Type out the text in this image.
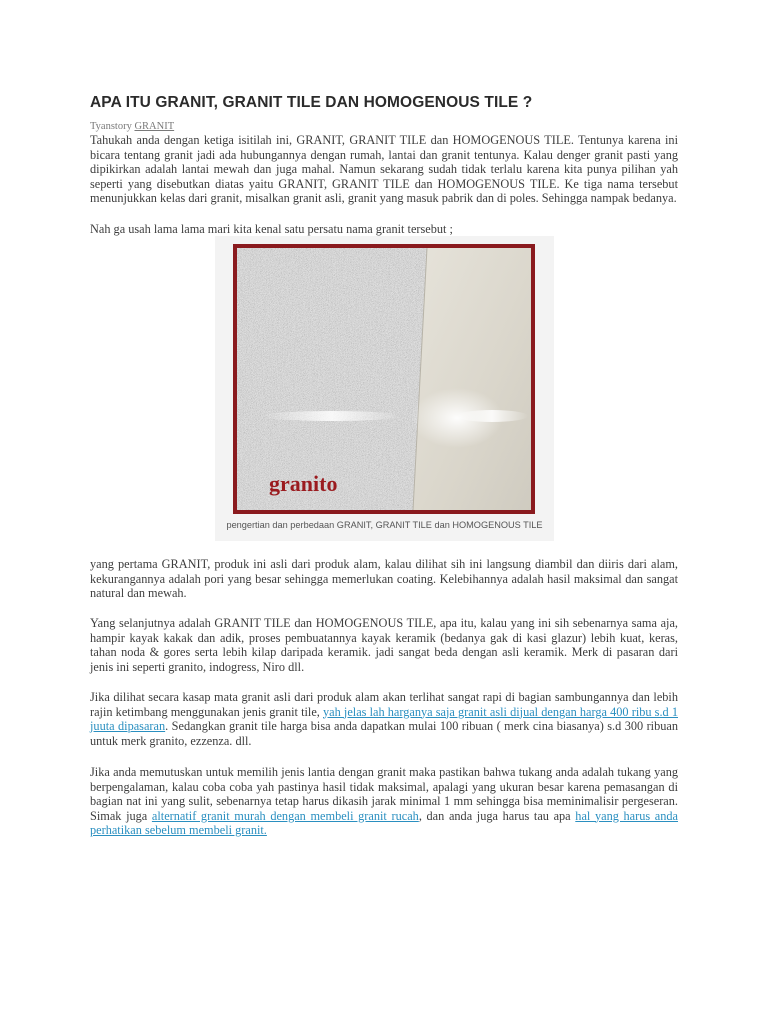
APA ITU GRANIT, GRANIT TILE DAN HOMOGENOUS TILE ?
Tyanstory GRANIT

Tahukah anda dengan ketiga isitilah ini, GRANIT, GRANIT TILE dan HOMOGENOUS TILE. Tentunya karena ini bicara tentang granit jadi ada hubungannya dengan rumah, lantai dan granit tentunya. Kalau denger granit pasti yang dipikirkan adalah lantai mewah dan juga mahal. Namun sekarang sudah tidak terlalu karena kita punya pilihan yah seperti yang disebutkan diatas yaitu GRANIT, GRANIT TILE dan HOMOGENOUS TILE. Ke tiga nama tersebut menunjukkan kelas dari granit, misalkan granit asli, granit yang masuk pabrik dan di poles. Sehingga nampak bedanya.

Nah ga usah lama lama mari kita kenal satu persatu nama granit tersebut ;

granito
pengertian dan perbedaan GRANIT, GRANIT TILE dan HOMOGENOUS TILE

yang pertama GRANIT, produk ini asli dari produk alam, kalau dilihat sih ini langsung diambil dan diiris dari alam, kekurangannya adalah pori yang besar sehingga memerlukan coating. Kelebihannya adalah hasil maksimal dan sangat natural dan mewah.

Yang selanjutnya adalah GRANIT TILE dan HOMOGENOUS TILE, apa itu, kalau yang ini sih sebenarnya sama aja, hampir kayak kakak dan adik, proses pembuatannya kayak keramik (bedanya gak di kasi glazur) lebih kuat, keras, tahan noda & gores serta lebih kilap daripada keramik. jadi sangat beda dengan asli keramik. Merk di pasaran dari jenis ini seperti granito, indogress, Niro dll.

Jika dilihat secara kasap mata granit asli dari produk alam akan terlihat sangat rapi di bagian sambungannya dan lebih rajin ketimbang menggunakan jenis granit tile, yah jelas lah harganya saja granit asli dijual dengan harga 400 ribu s.d 1 juuta dipasaran. Sedangkan granit tile harga bisa anda dapatkan mulai 100 ribuan ( merk cina biasanya) s.d 300 ribuan untuk merk granito, ezzenza. dll.

Jika anda memutuskan untuk memilih jenis lantia dengan granit maka pastikan bahwa tukang anda adalah tukang yang berpengalaman, kalau coba coba yah pastinya hasil tidak maksimal, apalagi yang ukuran besar karena pemasangan di bagian nat ini yang sulit, sebenarnya tetap harus dikasih jarak minimal 1 mm sehingga bisa meminimalisir pergeseran. Simak juga alternatif granit murah dengan membeli granit rucah, dan anda juga harus tau apa hal yang harus anda perhatikan sebelum membeli granit.
